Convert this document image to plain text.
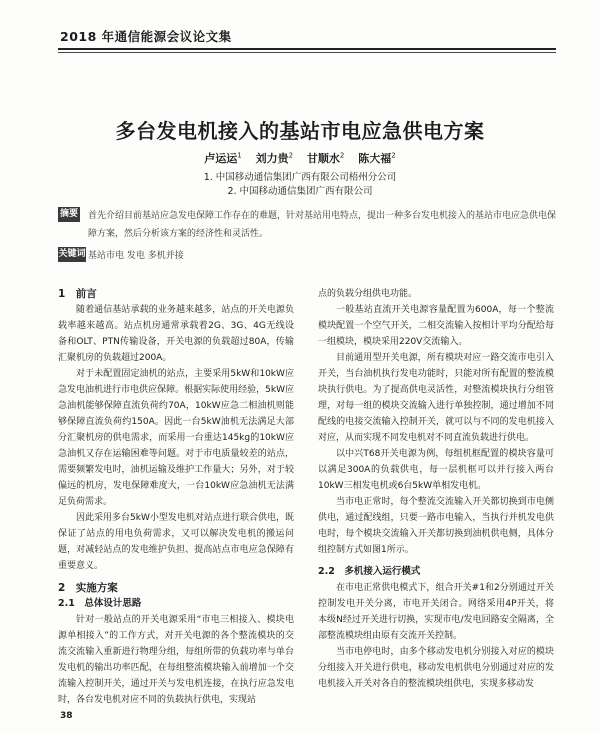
2018 年通信能源会议论文集
多台发电机接入的基站市电应急供电方案
卢运运$^1$ 刘力贵$^2$ 甘顺水$^2$ 陈大福$^2$
1. 中国移动通信集团广西有限公司梧州分公司
2. 中国移动通信集团广西有限公司
摘要 首先介绍目前基站应急发电保障工作存在的难题，针对基站用电特点，提出一种多台发电机接入的基站市电应急供电保障方案，然后分析该方案的经济性和灵活性。
关键词 基站市电 发电 多机并接
1　前言

随着通信基站承载的业务越来越多，站点的开关电源负载率越来越高。站点机房通常承载着2G、3G、4G无线设备和OLT、PTN传输设备，开关电源的负载超过80A，传输汇聚机房的负载超过200A。

对于未配置固定油机的站点，主要采用5kW和10kW应急发电油机进行市电供应保障。根据实际使用经验，5kW应急油机能够保障直流负荷约70A，10kW应急二相油机则能够保障直流负荷约150A。因此一台5kW油机无法满足大部分汇聚机房的供电需求，而采用一台重达145kg的10kW应急油机又存在运输困难等问题。对于市电质量较差的站点，需要频繁发电时，油机运输及维护工作量大；另外，对于较偏远的机房，发电保障难度大，一台10kW应急油机无法满足负荷需求。

因此采用多台5kW小型发电机对站点进行联合供电，既保证了站点的用电负荷需求，又可以解决发电机的搬运问题，对减轻站点的发电维护负担、提高站点市电应急保障有重要意义。

2　实施方案
2.1　总体设计思路

针对一般站点的开关电源采用“市电三相接入、模块电源单相接入”的工作方式，对开关电源的各个整流模块的交流交流输入重新进行物理分组，每组所带的负载功率与单台发电机的输出功率匹配，在每组整流模块输入前增加一个交流输入控制开关，通过开关与发电机连接，在执行应急发电时，各台发电机对应不同的负载执行供电，实现站

点的负载分组供电功能。

一般基站直流开关电源容量配置为600A，每一个整流模块配置一个空气开关，二相交流输入按相计平均分配给每一组模块，模块采用220V交流输入。

目前通用型开关电源，所有模块对应一路交流市电引入开关，当台油机执行发电功能时，只能对所有配置的整流模块执行供电。为了提高供电灵活性，对整流模块执行分组管理，对每一组的模块交流输入进行单独控制，通过增加不同配线的电接交流输入控制开关，就可以与不同的发电机接入对应，从而实现不同发电机对不同直流负载进行供电。

以中兴T68开关电源为例，每组机框配置的模块容量可以满足300A的负载供电，每一层机框可以并行接入两台10kW三相发电机或6台5kW单相发电机。

当市电正常时，每个整流交流输入开关都切换到市电侧供电，通过配线组，只要一路市电输入，当执行并机发电供电时，每个模块交流输入开关都切换到油机供电侧，具体分组控制方式如图1所示。

2.2　多机接入运行模式

在市电正常供电模式下，组合开关#1和2分别通过开关控制发电开关分离，市电开关闭合。网络采用4P开关，将本级N经过开关进行切换，实现市电/发电回路安全隔离，全部整流模块组由原有交流开关控制。

当市电停电时，由多个移动发电机分别接入对应的模块分组接入开关进行供电，移动发电机供电分别通过对应的发电机接入开关对各自的整流模块组供电，实现多移动发

38
